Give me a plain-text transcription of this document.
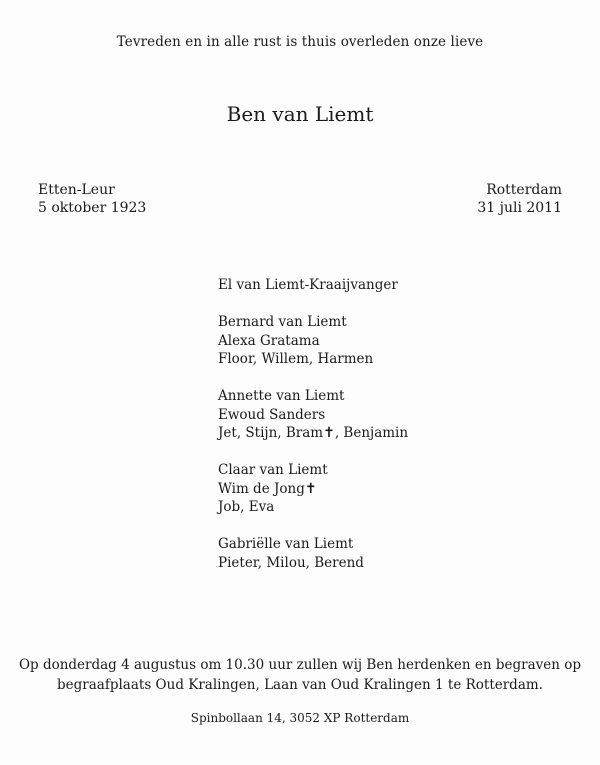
Tevreden en in alle rust is thuis overleden onze lieve
Ben van Liemt
Etten-Leur
5 oktober 1923
Rotterdam
31 juli 2011
El van Liemt-Kraaijvanger
Bernard van Liemt
Alexa Gratama
Floor, Willem, Harmen
Annette van Liemt
Ewoud Sanders
Jet, Stijn, Bram✝, Benjamin
Claar van Liemt
Wim de Jong✝
Job, Eva
Gabriëlle van Liemt
Pieter, Milou, Berend
Op donderdag 4 augustus om 10.30 uur zullen wij Ben herdenken en begraven op
begraafplaats Oud Kralingen, Laan van Oud Kralingen 1 te Rotterdam.
Spinbollaan 14, 3052 XP Rotterdam
